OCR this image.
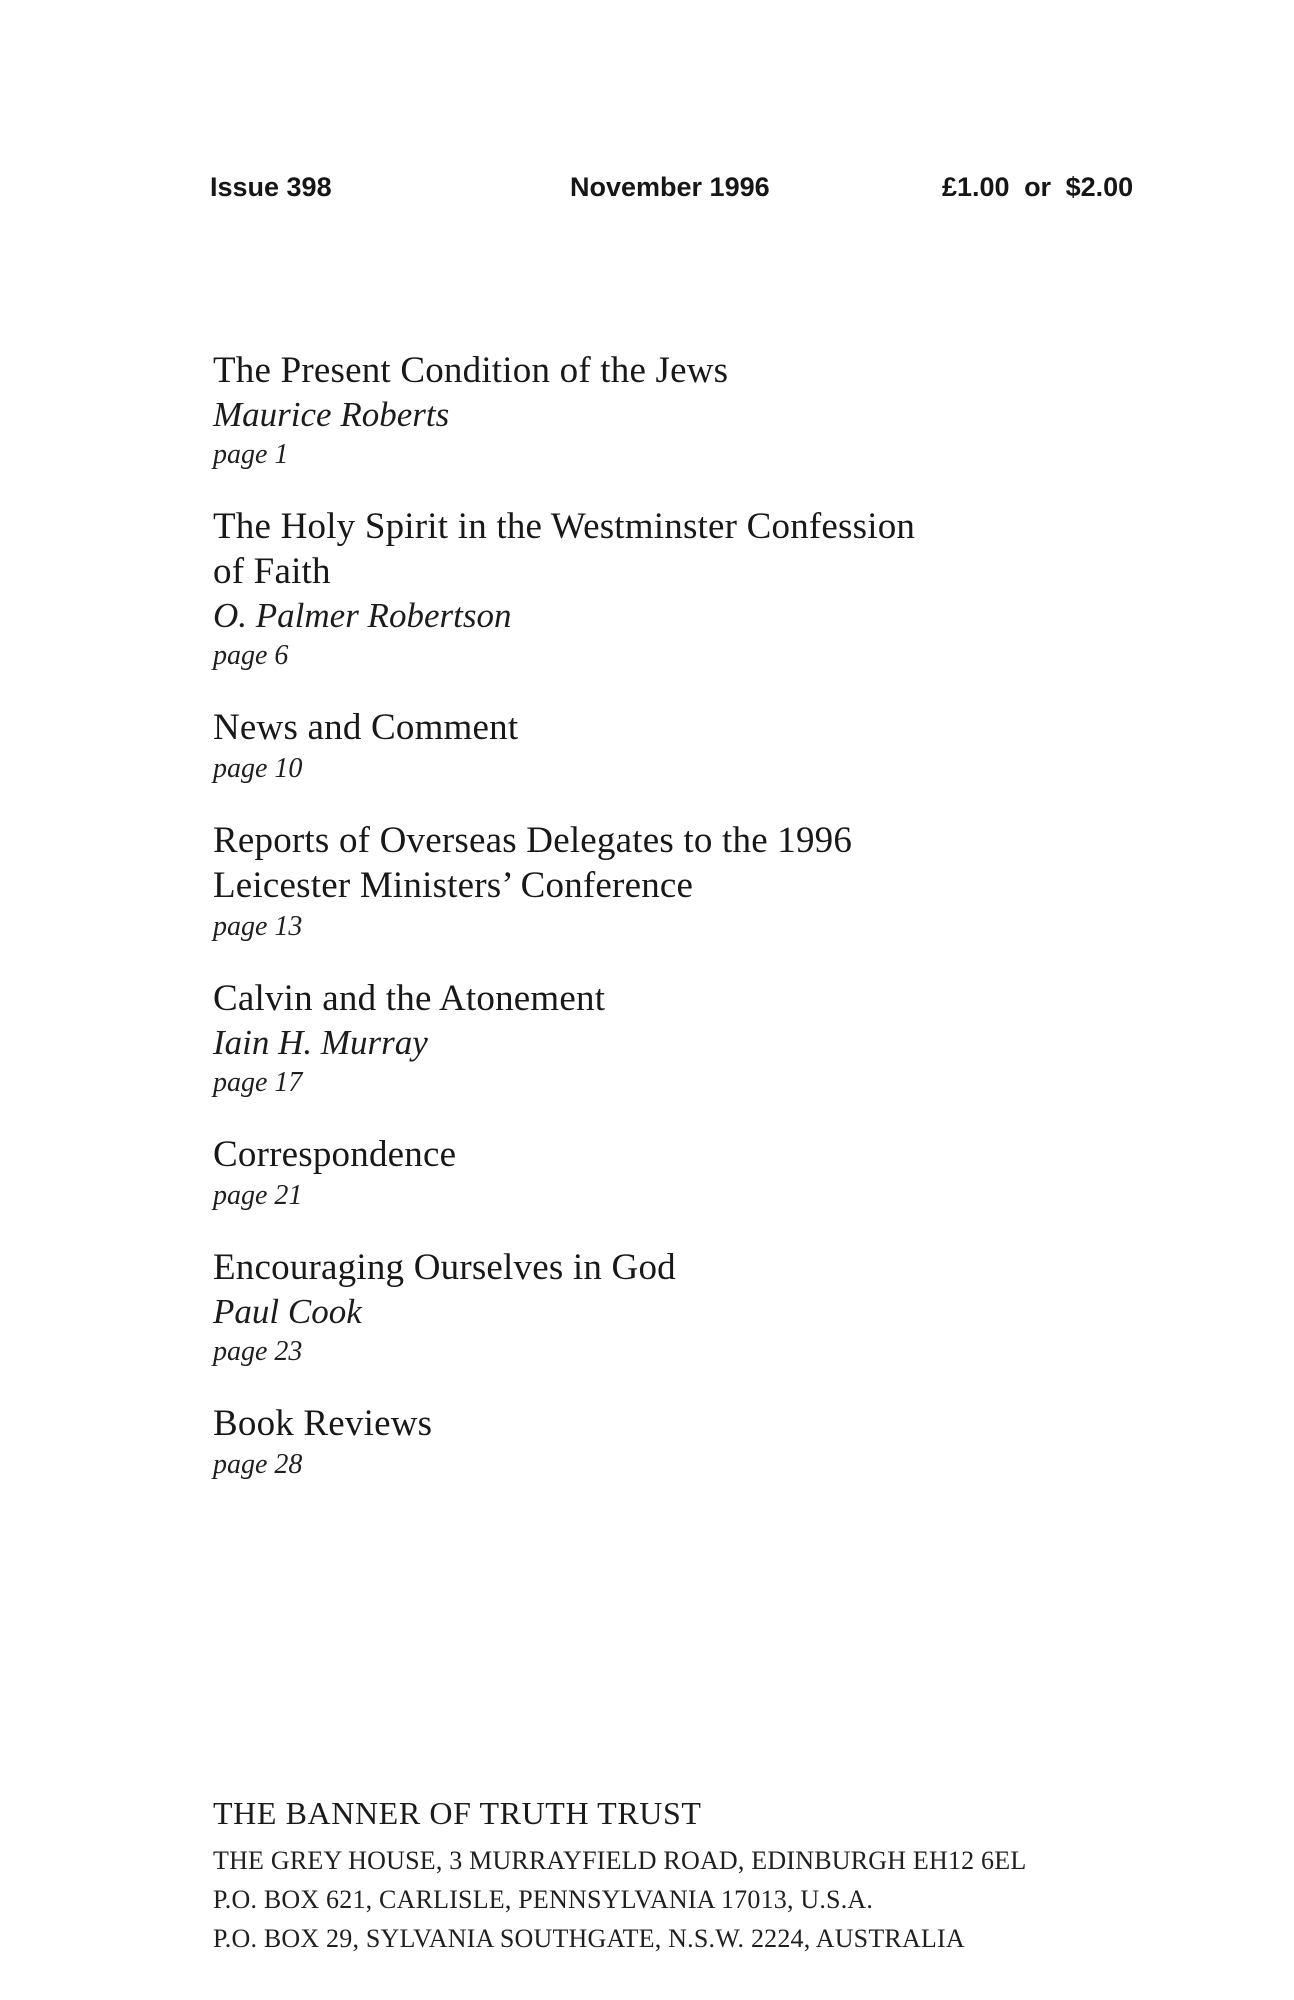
Issue 398	November 1996	£1.00 or $2.00
The Present Condition of the Jews
Maurice Roberts
page 1
The Holy Spirit in the Westminster Confession
of Faith
O. Palmer Robertson
page 6
News and Comment
page 10
Reports of Overseas Delegates to the 1996
Leicester Ministers’ Conference
page 13
Calvin and the Atonement
Iain H. Murray
page 17
Correspondence
page 21
Encouraging Ourselves in God
Paul Cook
page 23
Book Reviews
page 28
THE BANNER OF TRUTH TRUST
THE GREY HOUSE, 3 MURRAYFIELD ROAD, EDINBURGH EH12 6EL
P.O. BOX 621, CARLISLE, PENNSYLVANIA 17013, U.S.A.
P.O. BOX 29, SYLVANIA SOUTHGATE, N.S.W. 2224, AUSTRALIA
